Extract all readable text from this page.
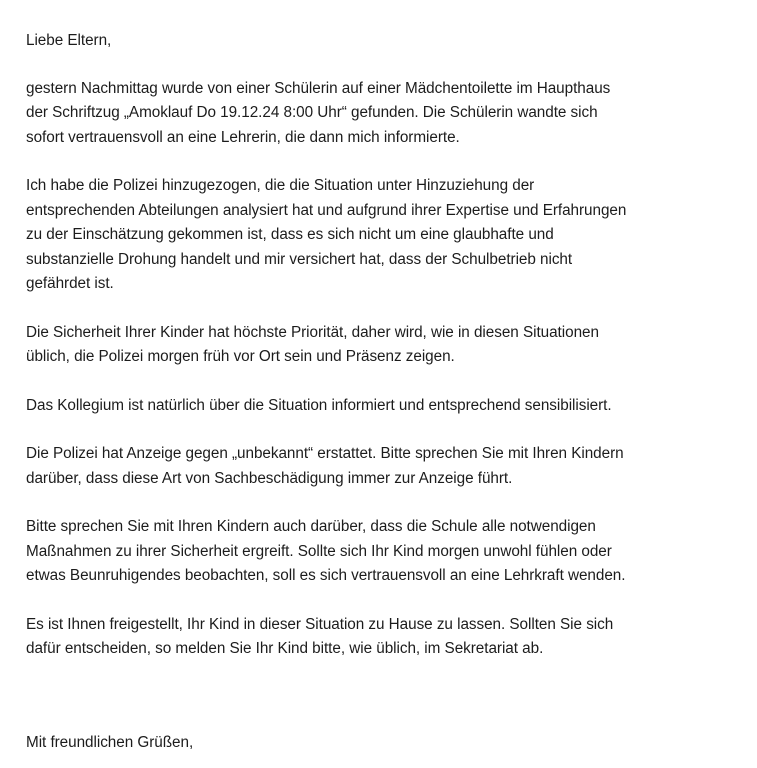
Liebe Eltern,
gestern Nachmittag wurde von einer Schülerin auf einer Mädchentoilette im Haupthaus
der Schriftzug „Amoklauf Do 19.12.24 8:00 Uhr“ gefunden. Die Schülerin wandte sich
sofort vertrauensvoll an eine Lehrerin, die dann mich informierte.
Ich habe die Polizei hinzugezogen, die die Situation unter Hinzuziehung der
entsprechenden Abteilungen analysiert hat und aufgrund ihrer Expertise und Erfahrungen
zu der Einschätzung gekommen ist, dass es sich nicht um eine glaubhafte und
substanzielle Drohung handelt und mir versichert hat, dass der Schulbetrieb nicht
gefährdet ist.
Die Sicherheit Ihrer Kinder hat höchste Priorität, daher wird, wie in diesen Situationen
üblich, die Polizei morgen früh vor Ort sein und Präsenz zeigen.
Das Kollegium ist natürlich über die Situation informiert und entsprechend sensibilisiert.
Die Polizei hat Anzeige gegen „unbekannt“ erstattet. Bitte sprechen Sie mit Ihren Kindern
darüber, dass diese Art von Sachbeschädigung immer zur Anzeige führt.
Bitte sprechen Sie mit Ihren Kindern auch darüber, dass die Schule alle notwendigen
Maßnahmen zu ihrer Sicherheit ergreift. Sollte sich Ihr Kind morgen unwohl fühlen oder
etwas Beunruhigendes beobachten, soll es sich vertrauensvoll an eine Lehrkraft wenden.
Es ist Ihnen freigestellt, Ihr Kind in dieser Situation zu Hause zu lassen. Sollten Sie sich
dafür entscheiden, so melden Sie Ihr Kind bitte, wie üblich, im Sekretariat ab.
Mit freundlichen Grüßen,
